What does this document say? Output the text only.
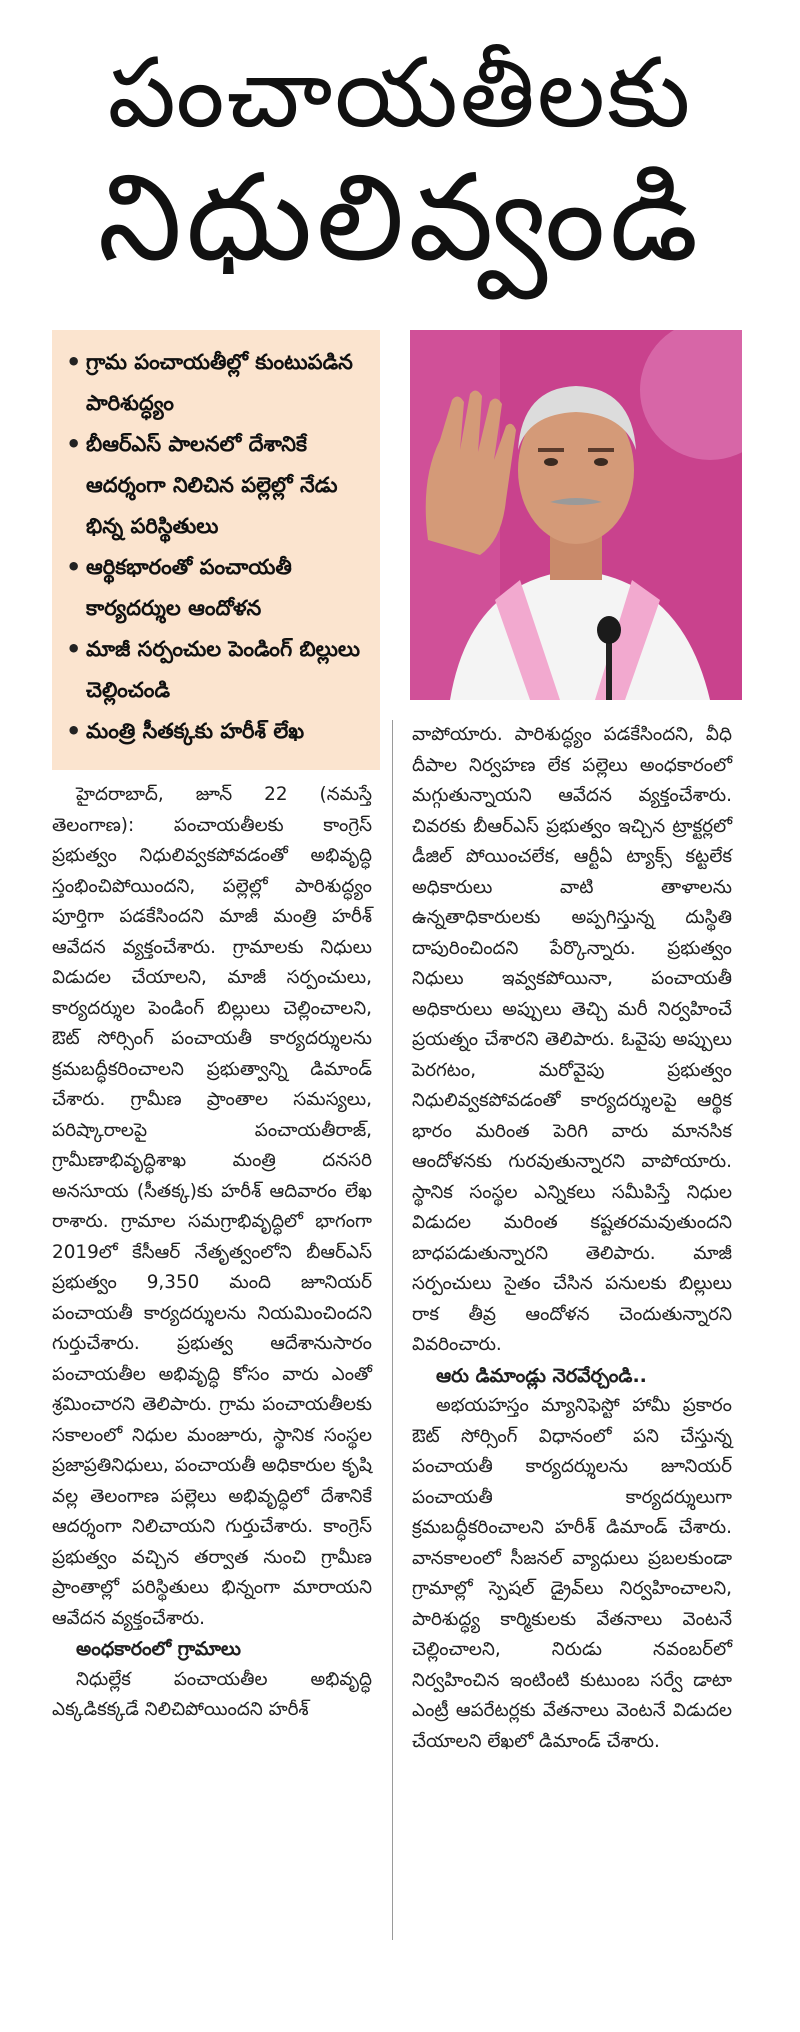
పంచాయతీలకు
నిధులివ్వండి
• గ్రామ పంచాయతీల్లో కుంటుపడిన పారిశుద్ధ్యం
• బీఆర్ఎస్ పాలనలో దేశానికే ఆదర్శంగా నిలిచిన పల్లెల్లో నేడు భిన్న పరిస్థితులు
• ఆర్థికభారంతో పంచాయతీ కార్యదర్శుల ఆందోళన
• మాజీ సర్పంచుల పెండింగ్ బిల్లులు చెల్లించండి
• మంత్రి సీతక్కకు హరీశ్ లేఖ

హైదరాబాద్, జూన్ 22 (నమస్తే తెలంగాణ): పంచాయతీలకు కాంగ్రెస్ ప్రభుత్వం నిధులివ్వకపోవడంతో అభివృద్ధి స్తంభించిపోయిందని, పల్లెల్లో పారిశుద్ధ్యం పూర్తిగా పడకేసిందని మాజీ మంత్రి హరీశ్ ఆవేదన వ్యక్తంచేశారు. గ్రామాలకు నిధులు విడుదల చేయాలని, మాజీ సర్పంచులు, కార్యదర్శుల పెండింగ్ బిల్లులు చెల్లించాలని, ఔట్ సోర్సింగ్ పంచాయతీ కార్యదర్శులను క్రమబద్ధీకరించాలని ప్రభుత్వాన్ని డిమాండ్ చేశారు. గ్రామీణ ప్రాంతాల సమస్యలు, పరిష్కారాలపై పంచాయతీరాజ్, గ్రామీణాభివృద్ధిశాఖ మంత్రి దనసరి అనసూయ (సీతక్క)కు హరీశ్ ఆదివారం లేఖ రాశారు. గ్రామాల సమగ్రాభివృద్ధిలో భాగంగా 2019లో కేసీఆర్ నేతృత్వంలోని బీఆర్ఎస్ ప్రభుత్వం 9,350 మంది జూనియర్ పంచాయతీ కార్యదర్శులను నియమించిందని గుర్తుచేశారు. ప్రభుత్వ ఆదేశానుసారం పంచాయతీల అభివృద్ధి కోసం వారు ఎంతో శ్రమించారని తెలిపారు. గ్రామ పంచాయతీలకు సకాలంలో నిధుల మంజూరు, స్థానిక సంస్థల ప్రజాప్రతినిధులు, పంచాయతీ అధికారుల కృషి వల్ల తెలంగాణ పల్లెలు అభివృద్ధిలో దేశానికే ఆదర్శంగా నిలిచాయని గుర్తుచేశారు. కాంగ్రెస్ ప్రభుత్వం వచ్చిన తర్వాత నుంచి గ్రామీణ ప్రాంతాల్లో పరిస్థితులు భిన్నంగా మారాయని ఆవేదన వ్యక్తంచేశారు.

అంధకారంలో గ్రామాలు

నిధుల్లేక పంచాయతీల అభివృద్ధి ఎక్కడికక్కడే నిలిచిపోయిందని హరీశ్

వాపోయారు. పారిశుద్ధ్యం పడకేసిందని, వీధి దీపాల నిర్వహణ లేక పల్లెలు అంధకారంలో మగ్గుతున్నాయని ఆవేదన వ్యక్తంచేశారు. చివరకు బీఆర్ఎస్ ప్రభుత్వం ఇచ్చిన ట్రాక్టర్లలో డీజిల్ పోయించలేక, ఆర్టీఏ ట్యాక్స్ కట్టలేక అధికారులు వాటి తాళాలను ఉన్నతాధికారులకు అప్పగిస్తున్న దుస్థితి దాపురించిందని పేర్కొన్నారు. ప్రభుత్వం నిధులు ఇవ్వకపోయినా, పంచాయతీ అధికారులు అప్పులు తెచ్చి మరీ నిర్వహించే ప్రయత్నం చేశారని తెలిపారు. ఓవైపు అప్పులు పెరగటం, మరోవైపు ప్రభుత్వం నిధులివ్వకపోవడంతో కార్యదర్శులపై ఆర్థిక భారం మరింత పెరిగి వారు మానసిక ఆందోళనకు గురవుతున్నారని వాపోయారు. స్థానిక సంస్థల ఎన్నికలు సమీపిస్తే నిధుల విడుదల మరింత కష్టతరమవుతుందని బాధపడుతున్నారని తెలిపారు. మాజీ సర్పంచులు సైతం చేసిన పనులకు బిల్లులు రాక తీవ్ర ఆందోళన చెందుతున్నారని వివరించారు.

ఆరు డిమాండ్లు నెరవేర్చండి..

అభయహస్తం మ్యానిఫెస్టో హామీ ప్రకారం ఔట్ సోర్సింగ్ విధానంలో పని చేస్తున్న పంచాయతీ కార్యదర్శులను జూనియర్ పంచాయతీ కార్యదర్శులుగా క్రమబద్ధీకరించాలని హరీశ్ డిమాండ్ చేశారు. వానకాలంలో సీజనల్ వ్యాధులు ప్రబలకుండా గ్రామాల్లో స్పెషల్ డ్రైవ్‌లు నిర్వహించాలని, పారిశుద్ధ్య కార్మికులకు వేతనాలు వెంటనే చెల్లించాలని, నిరుడు నవంబర్‌లో నిర్వహించిన ఇంటింటి కుటుంబ సర్వే డాటా ఎంట్రీ ఆపరేటర్లకు వేతనాలు వెంటనే విడుదల చేయాలని లేఖలో డిమాండ్ చేశారు.
